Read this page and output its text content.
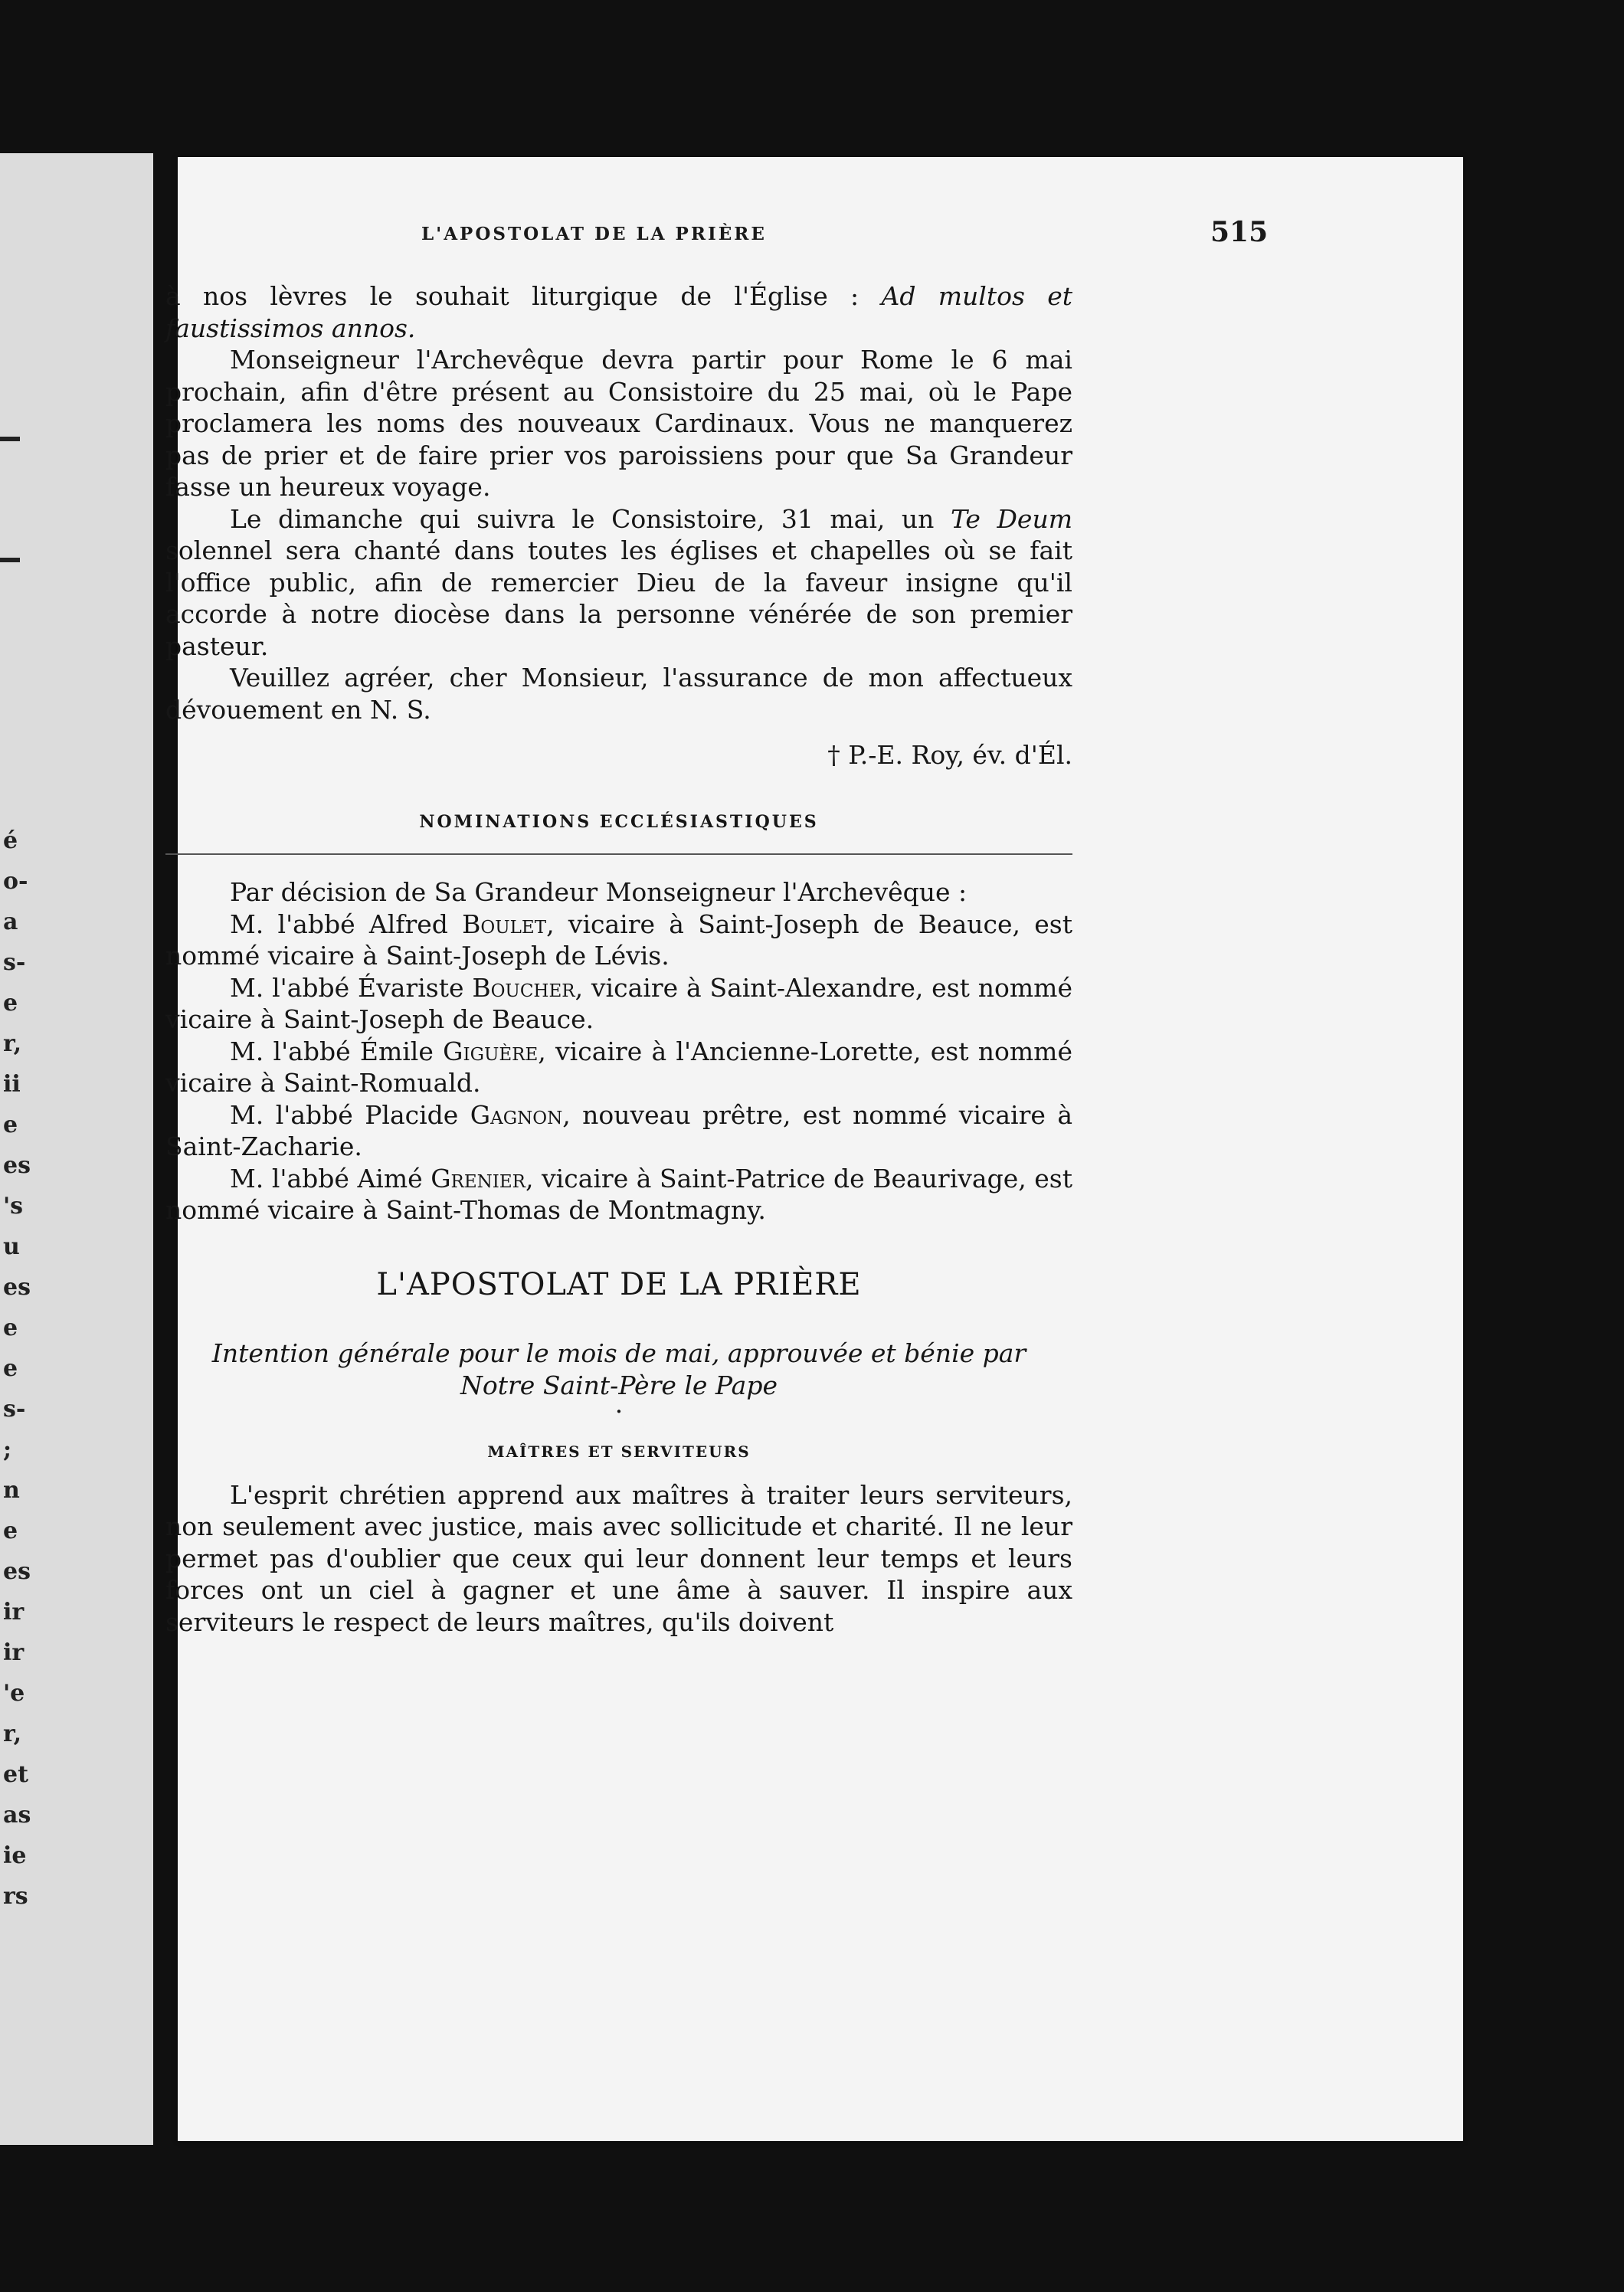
é
o-
a
s-
e
r,
ii
e
es
's
u
es
e
e
s-
;
n
e
es
ir
ir
'e
r,
et
as
ie
rs
L'APOSTOLAT DE LA PRIÈRE	515

à nos lèvres le souhait liturgique de l'Église : Ad multos et faustissimos annos.

Monseigneur l'Archevêque devra partir pour Rome le 6 mai prochain, afin d'être présent au Consistoire du 25 mai, où le Pape proclamera les noms des nouveaux Cardinaux. Vous ne manquerez pas de prier et de faire prier vos paroissiens pour que Sa Grandeur fasse un heureux voyage.

Le dimanche qui suivra le Consistoire, 31 mai, un Te Deum solennel sera chanté dans toutes les églises et chapelles où se fait l'office public, afin de remercier Dieu de la faveur insigne qu'il accorde à notre diocèse dans la personne vénérée de son premier pasteur.

Veuillez agréer, cher Monsieur, l'assurance de mon affectueux dévouement en N. S.

† P.-E. Roy, év. d'Él.

NOMINATIONS ECCLÉSIASTIQUES

Par décision de Sa Grandeur Monseigneur l'Archevêque :

M. l'abbé Alfred Boulet, vicaire à Saint-Joseph de Beauce, est nommé vicaire à Saint-Joseph de Lévis.

M. l'abbé Évariste Boucher, vicaire à Saint-Alexandre, est nommé vicaire à Saint-Joseph de Beauce.

M. l'abbé Émile Giguère, vicaire à l'Ancienne-Lorette, est nommé vicaire à Saint-Romuald.

M. l'abbé Placide Gagnon, nouveau prêtre, est nommé vicaire à Saint-Zacharie.

M. l'abbé Aimé Grenier, vicaire à Saint-Patrice de Beaurivage, est nommé vicaire à Saint-Thomas de Montmagny.

L'APOSTOLAT DE LA PRIÈRE

Intention générale pour le mois de mai, approuvée et bénie par

Notre Saint-Père le Pape

·

MAÎTRES ET SERVITEURS

L'esprit chrétien apprend aux maîtres à traiter leurs serviteurs, non seulement avec justice, mais avec sollicitude et charité. Il ne leur permet pas d'oublier que ceux qui leur donnent leur temps et leurs forces ont un ciel à gagner et une âme à sauver. Il inspire aux serviteurs le respect de leurs maîtres, qu'ils doivent
